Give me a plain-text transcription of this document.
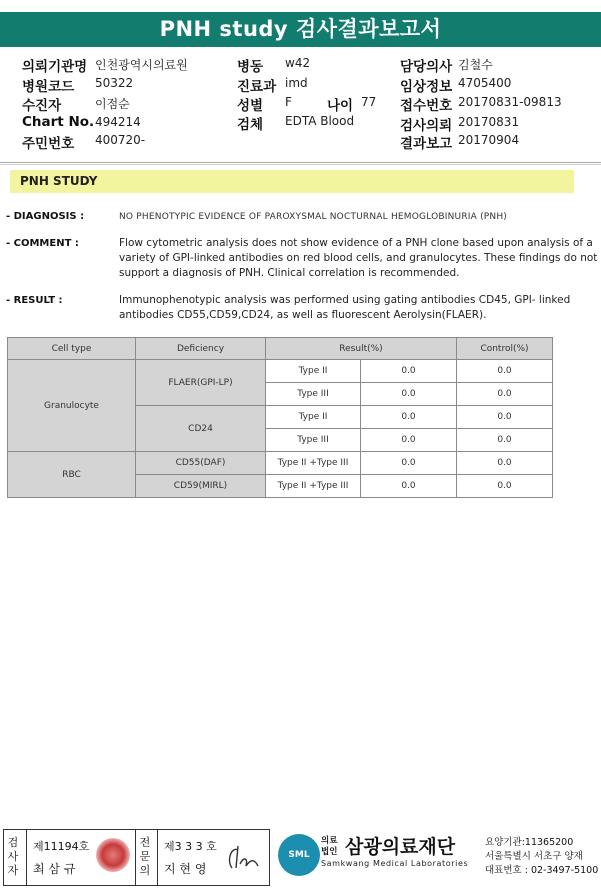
PNH study 검사결과보고서
의뢰기관명 인천광역시의료원
병원코드 50322
수진자	이점순
Chart No. 494214
주민번호 400720-
병동 w42
진료과 imd
성별 F	나이 77
검체 EDTA Blood
담당의사 김철수
임상정보 4705400
접수번호 20170831-09813
검사의뢰 20170831
결과보고 20170904
PNH STUDY
- DIAGNOSIS :	NO PHENOTYPIC EVIDENCE OF PAROXYSMAL NOCTURNAL HEMOGLOBINURIA (PNH)
- COMMENT :	Flow cytometric analysis does not show evidence of a PNH clone based upon analysis of a variety of GPI-linked antibodies on red blood cells, and granulocytes. These findings do not support a diagnosis of PNH. Clinical correlation is recommended.
- RESULT :	Immunophenotypic analysis was performed using gating antibodies CD45, GPI- linked antibodies CD55,CD59,CD24, as well as fluorescent Aerolysin(FLAER).
Cell type	Deficiency	Result(%)		Control(%)
Granulocyte	FLAER(GPI-LP)	Type II	0.0	0.0
		Type III	0.0	0.0
	CD24	Type II	0.0	0.0
		Type III	0.0	0.0
RBC	CD55(DAF)	Type II +Type III	0.0	0.0
	CD59(MIRL)	Type II +Type III	0.0	0.0
검사자
제11194호
최 삼 규
전문의
제3 3 3 호
지 현 영
SML
의료
법인 삼광의료재단
Samkwang Medical Laboratories
요양기관:11365200
서울특별시 서초구 양재
대표번호 : 02-3497-5100
